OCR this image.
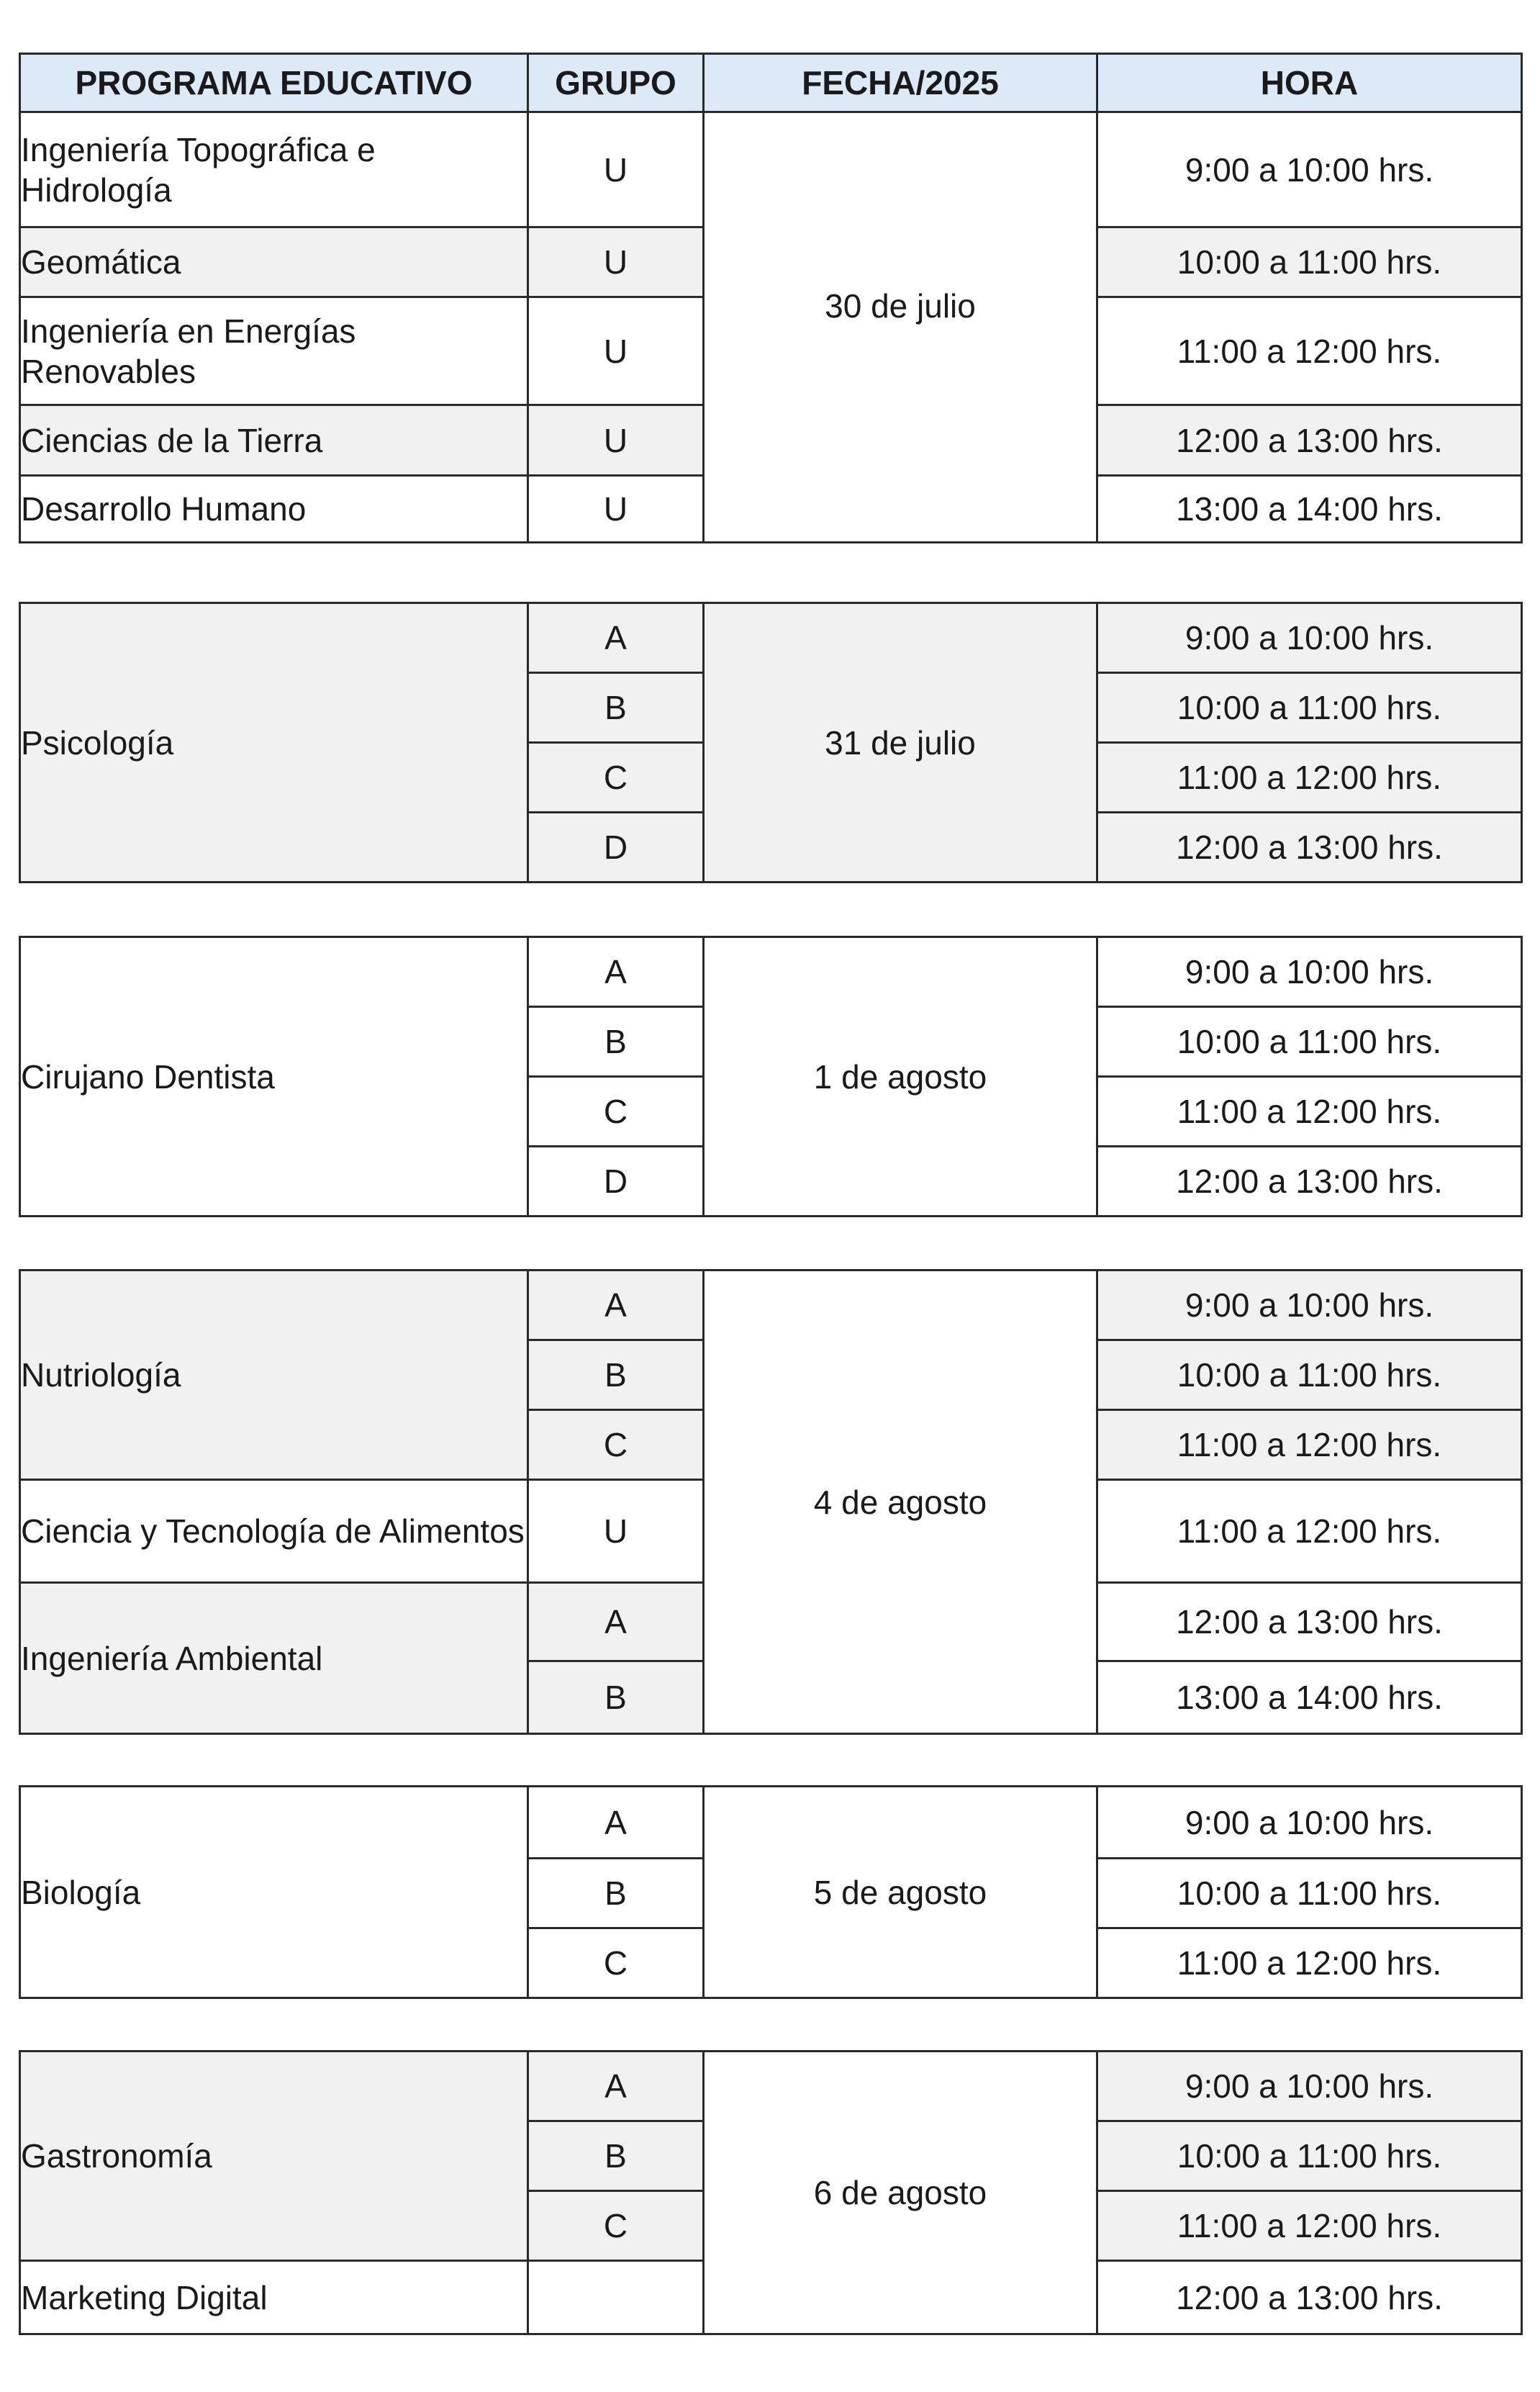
PROGRAMA EDUCATIVO	GRUPO	FECHA/2025	HORA
Ingeniería Topográfica e Hidrología	U	30 de julio	9:00 a 10:00 hrs.
Geomática	U		10:00 a 11:00 hrs.
Ingeniería en Energías Renovables	U		11:00 a 12:00 hrs.
Ciencias de la Tierra	U		12:00 a 13:00 hrs.
Desarrollo Humano	U		13:00 a 14:00 hrs.
Psicología	A	31 de julio	9:00 a 10:00 hrs.
	B		10:00 a 11:00 hrs.
	C		11:00 a 12:00 hrs.
	D		12:00 a 13:00 hrs.
Cirujano Dentista	A	1 de agosto	9:00 a 10:00 hrs.
	B		10:00 a 11:00 hrs.
	C		11:00 a 12:00 hrs.
	D		12:00 a 13:00 hrs.
Nutriología	A	4 de agosto	9:00 a 10:00 hrs.
	B		10:00 a 11:00 hrs.
	C		11:00 a 12:00 hrs.
Ciencia y Tecnología de Alimentos	U		11:00 a 12:00 hrs.
Ingeniería Ambiental	A		12:00 a 13:00 hrs.
	B		13:00 a 14:00 hrs.
Biología	A	5 de agosto	9:00 a 10:00 hrs.
	B		10:00 a 11:00 hrs.
	C		11:00 a 12:00 hrs.
Gastronomía	A	6 de agosto	9:00 a 10:00 hrs.
	B		10:00 a 11:00 hrs.
	C		11:00 a 12:00 hrs.
Marketing Digital			12:00 a 13:00 hrs.
